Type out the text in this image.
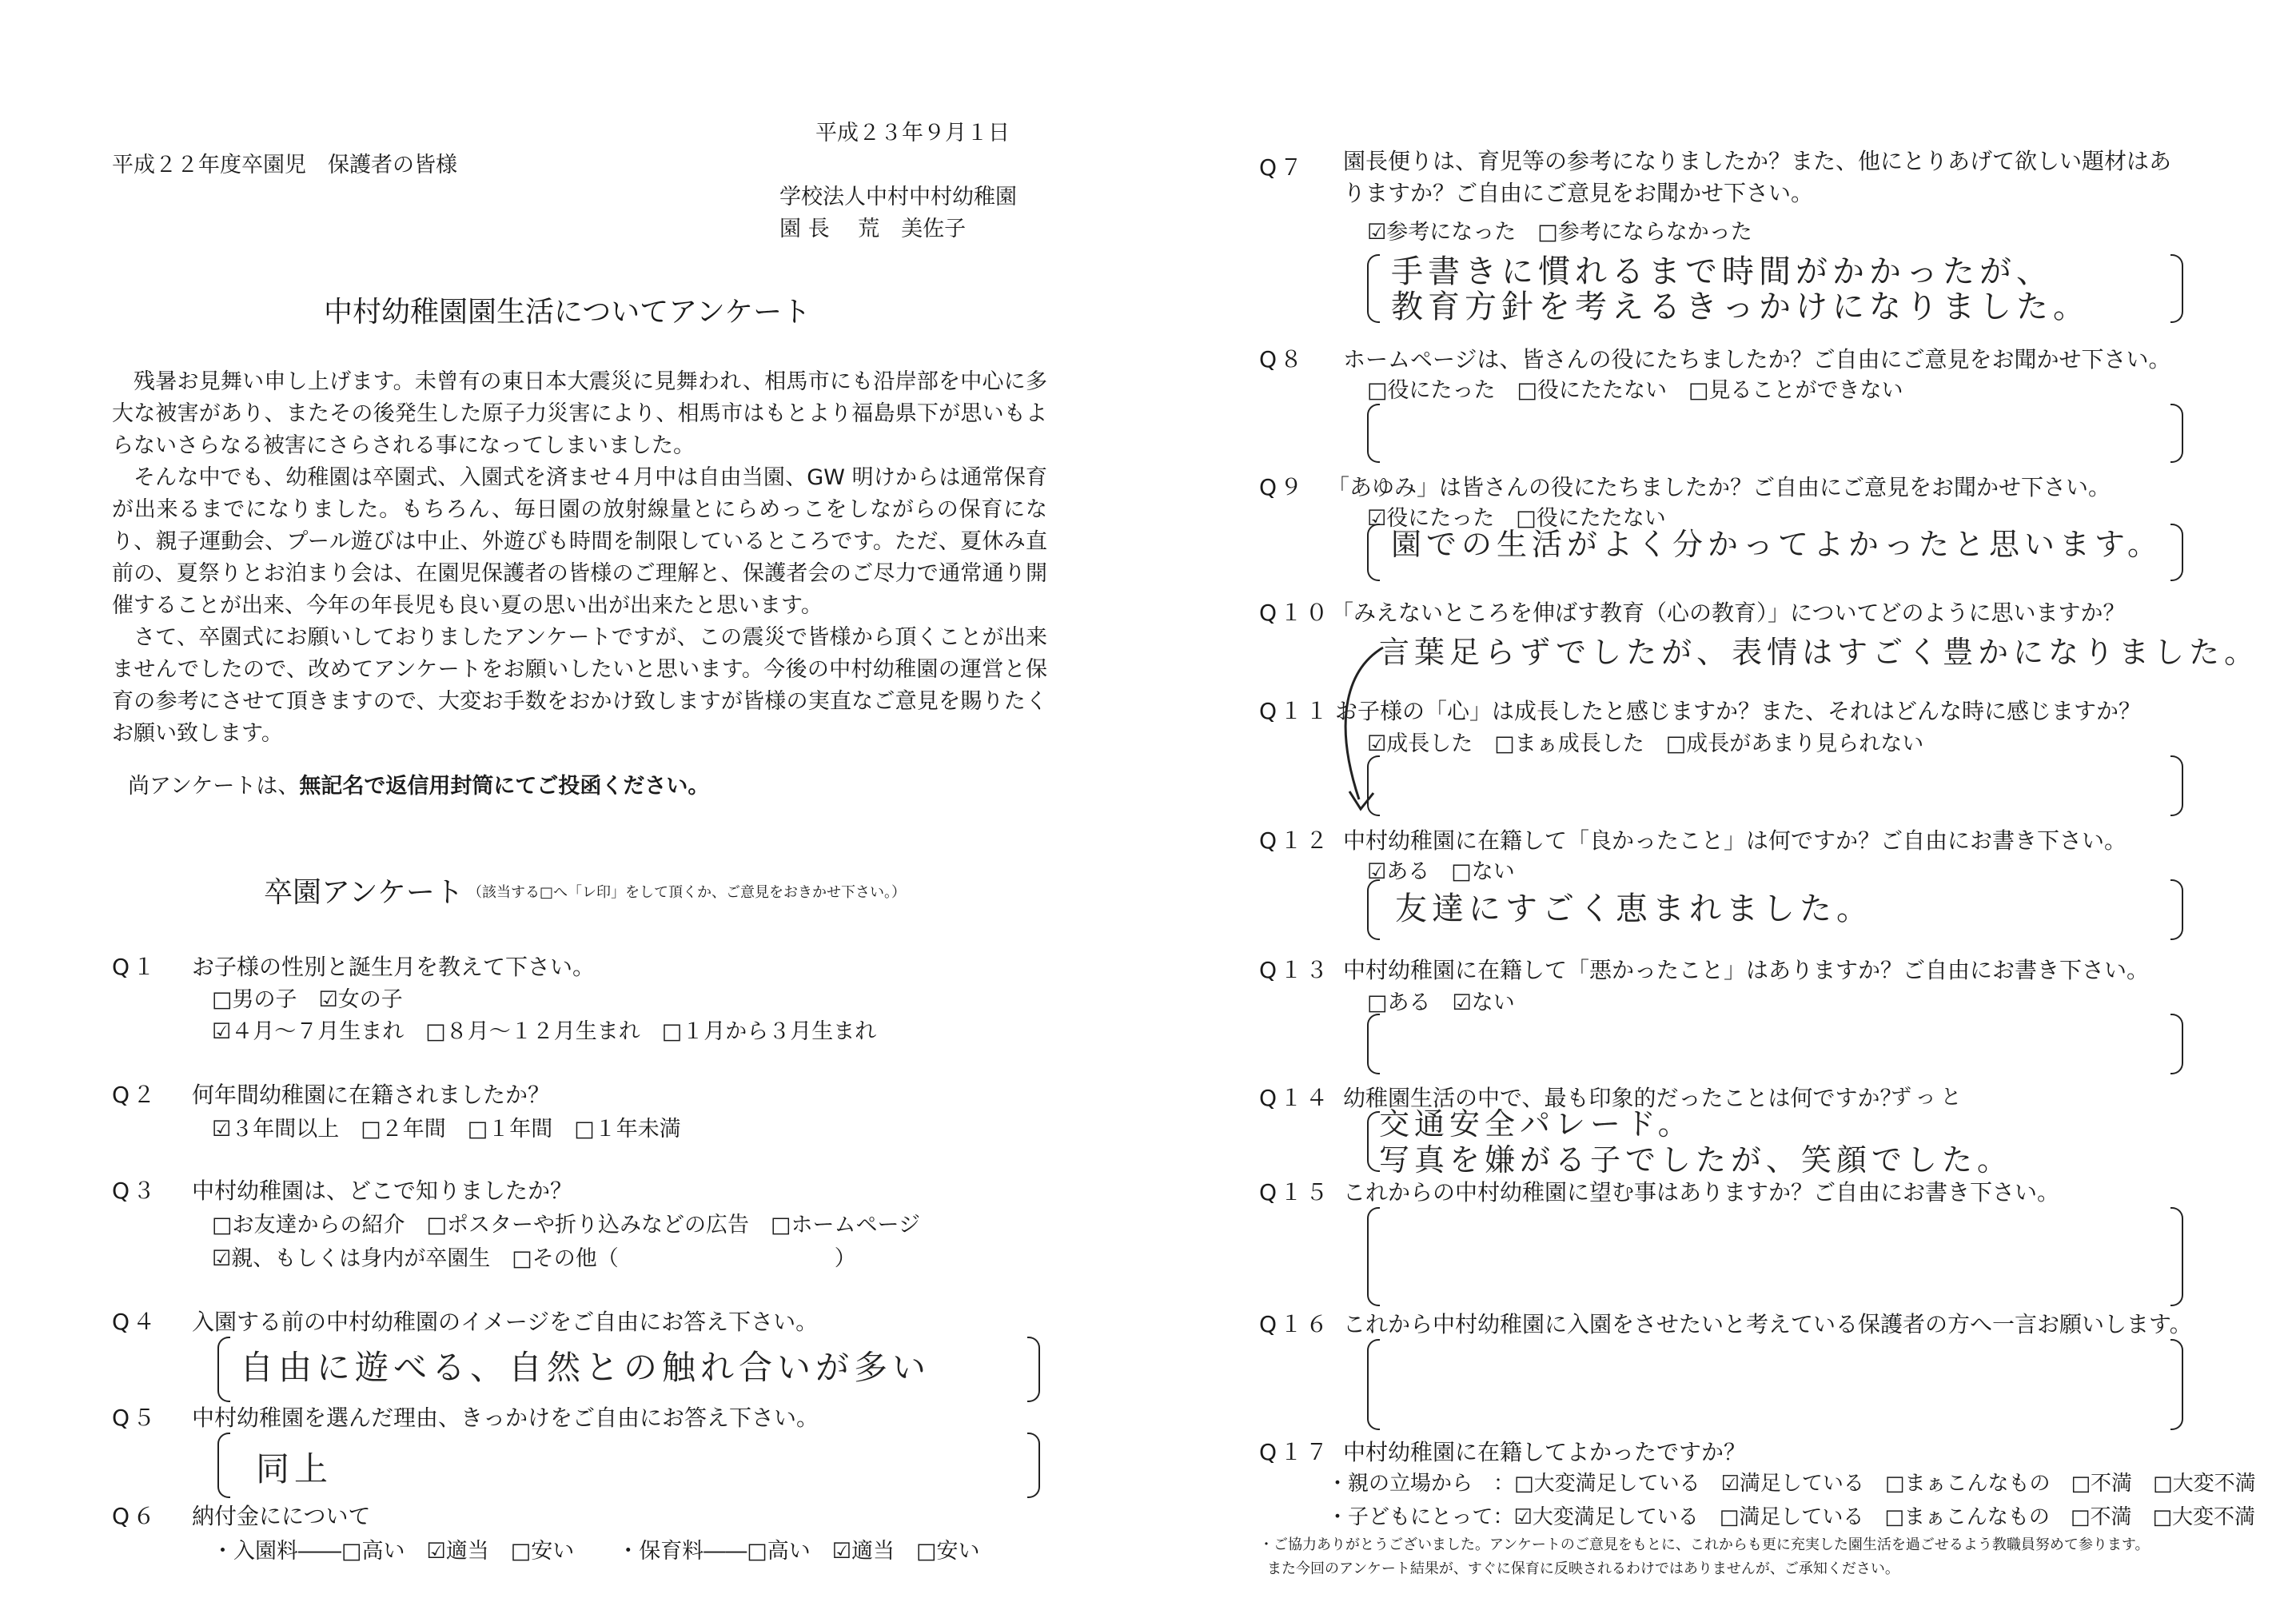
平成２３年９月１日
平成２２年度卒園児　保護者の皆様
学校法人中村中村幼稚園
園 長　 荒　美佐子
中村幼稚園園生活についてアンケート

残暑お見舞い申し上げます。未曾有の東日本大震災に見舞われ、相馬市にも沿岸部を中心に多大な被害があり、またその後発生した原子力災害により、相馬市はもとより福島県下が思いもよらないさらなる被害にさらされる事になってしまいました。

そんな中でも、幼稚園は卒園式、入園式を済ませ４月中は自由当園、GW 明けからは通常保育が出来るまでになりました。もちろん、毎日園の放射線量とにらめっこをしながらの保育になり、親子運動会、プール遊びは中止、外遊びも時間を制限しているところです。ただ、夏休み直前の、夏祭りとお泊まり会は、在園児保護者の皆様のご理解と、保護者会のご尽力で通常通り開催することが出来、今年の年長児も良い夏の思い出が出来たと思います。

さて、卒園式にお願いしておりましたアンケートですが、この震災で皆様から頂くことが出来ませんでしたので、改めてアンケートをお願いしたいと思います。今後の中村幼稚園の運営と保育の参考にさせて頂きますので、大変お手数をおかけ致しますが皆様の実直なご意見を賜りたくお願い致します。

尚アンケートは、無記名で返信用封筒にてご投函ください。
卒園アンケート （該当する□へ「レ印」をして頂くか、ご意見をおきかせ下さい。）
Q１ お子様の性別と誕生月を教えて下さい。
□男の子　☑女の子
☑４月～７月生まれ　□８月～１２月生まれ　□１月から３月生まれ
Q２ 何年間幼稚園に在籍されましたか？
☑３年間以上　□２年間　□１年間　□１年未満
Q３ 中村幼稚園は、どこで知りましたか？
□お友達からの紹介　□ポスターや折り込みなどの広告　□ホームページ
☑親、もしくは身内が卒園生　□その他（　　　　　　　　　　）
Q４ 入園する前の中村幼稚園のイメージをご自由にお答え下さい。
自由に遊べる、自然との触れ合いが多い
Q５ 中村幼稚園を選んだ理由、きっかけをご自由にお答え下さい。
同上
Q６ 納付金にについて
・入園料――□高い　☑適当　□安い　　・保育料――□高い　☑適当　□安い
Q７ 園長便りは、育児等の参考になりましたか？また、他にとりあげて欲しい題材はありますか？ご自由にご意見をお聞かせ下さい。
☑参考になった　□参考にならなかった
手書きに慣れるまで時間がかかったが、
教育方針を考えるきっかけになりました。
Q８ ホームページは、皆さんの役にたちましたか？ご自由にご意見をお聞かせ下さい。
□役にたった　□役にたたない　□見ることができない
Q９ 「あゆみ」は皆さんの役にたちましたか？ご自由にご意見をお聞かせ下さい。
☑役にたった　□役にたたない
園での生活がよく分かってよかったと思います。
Q１０ 「みえないところを伸ばす教育（心の教育）」についてどのように思いますか？
言葉足らずでしたが、表情はすごく豊かになりました。
Q１１ お子様の「心」は成長したと感じますか？また、それはどんな時に感じますか？
☑成長した　□まぁ成長した　□成長があまり見られない
Q１２ 中村幼稚園に在籍して「良かったこと」は何ですか？ご自由にお書き下さい。
☑ある　□ない
友達にすごく恵まれました。
Q１３ 中村幼稚園に在籍して「悪かったこと」はありますか？ご自由にお書き下さい。
□ある　☑ない
Q１４ 幼稚園生活の中で、最も印象的だったことは何ですか？
ずっと
交通安全パレード。
写真を嫌がる子でしたが、笑顔でした。
Q１５ これからの中村幼稚園に望む事はありますか？ご自由にお書き下さい。
Q１６ これから中村幼稚園に入園をさせたいと考えている保護者の方へ一言お願いします。
Q１７ 中村幼稚園に在籍してよかったですか？
・親の立場から　：□大変満足している　☑満足している　□まぁこんなもの　□不満　□大変不満
・子どもにとって：☑大変満足している　□満足している　□まぁこんなもの　□不満　□大変不満
・ご協力ありがとうございました。アンケートのご意見をもとに、これからも更に充実した園生活を過ごせるよう教職員努めて参ります。
また今回のアンケート結果が、すぐに保育に反映されるわけではありませんが、ご承知ください。
